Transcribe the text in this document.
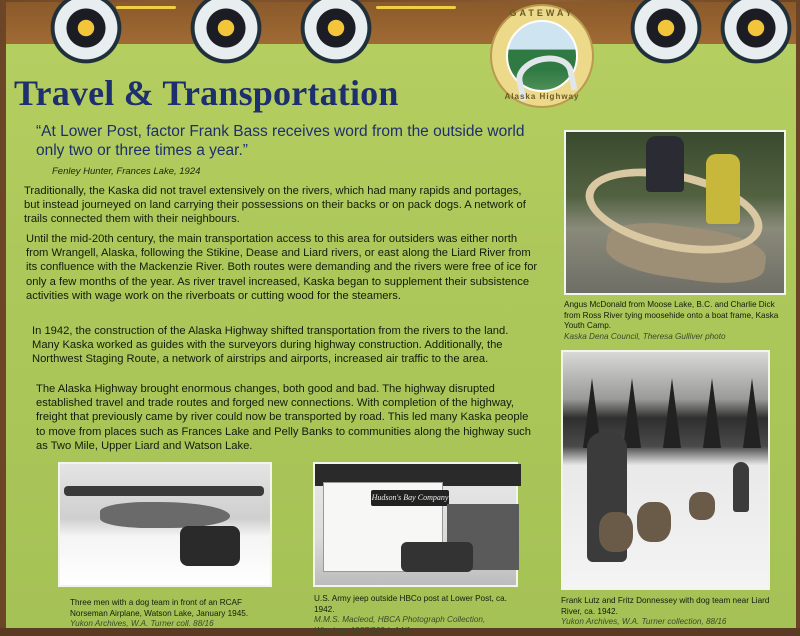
GATEWAY
Alaska Highway
Travel & Transportation
“At Lower Post, factor Frank Bass receives word from the outside world only two or three times a year.”
Fenley Hunter, Frances Lake, 1924

Traditionally, the Kaska did not travel extensively on the rivers, which had many rapids and portages, but instead journeyed on land carrying their possessions on their backs or on pack dogs. A network of trails connected them with their neighbours.

Until the mid-20th century, the main transportation access to this area for outsiders was either north from Wrangell, Alaska, following the Stikine, Dease and Liard rivers, or east along the Liard River from its confluence with the Mackenzie River. Both routes were demanding and the rivers were free of ice for only a few months of the year. As river travel increased, Kaska began to supplement their subsistence activities with wage work on the riverboats or cutting wood for the steamers.

In 1942, the construction of the Alaska Highway shifted transportation from the rivers to the land. Many Kaska worked as guides with the surveyors during highway construction. Additionally, the Northwest Staging Route, a network of airstrips and airports, increased air traffic to the area.

The Alaska Highway brought enormous changes, both good and bad. The highway disrupted established travel and trade routes and forged new connections. With completion of the highway, freight that previously came by river could now be transported by road. This led many Kaska people to move from places such as Frances Lake and Pelly Banks to communities along the highway such as Two Mile, Upper Liard and Watson Lake.

Angus McDonald from Moose Lake, B.C. and Charlie Dick from Ross River tying moosehide onto a boat frame, Kaska Youth Camp.
Kaska Dena Council, Theresa Gulliver photo
Frank Lutz and Fritz Donnessey with dog team near Liard River, ca. 1942.
Yukon Archives, W.A. Turner collection, 88/16
Three men with a dog team in front of an RCAF Norseman Airplane, Watson Lake, January 1945.
Yukon Archives, W.A. Turner coll. 88/16
Hudson's Bay Company
U.S. Army jeep outside HBCo post at Lower Post, ca. 1942.
M.M.S. Macleod, HBCA Photograph Collection, Winnipeg 1987/363-L-14/1
